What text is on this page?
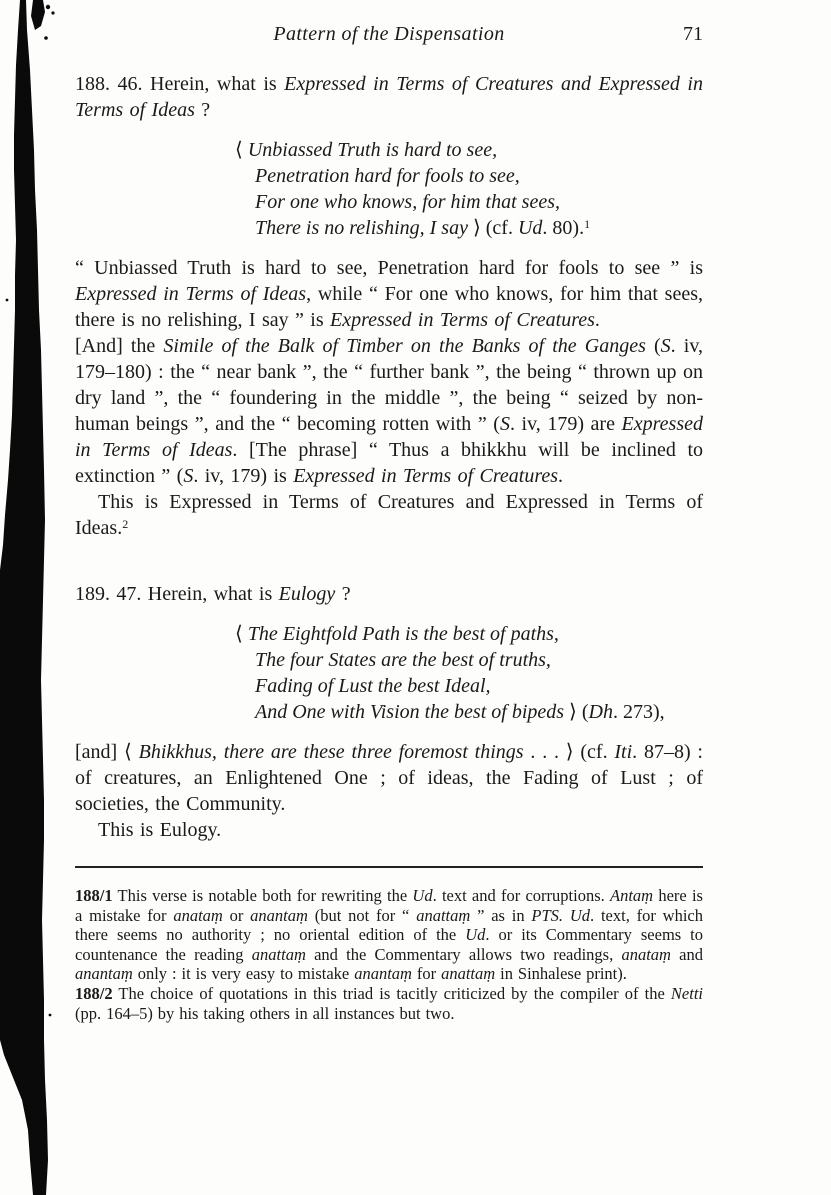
Pattern of the Dispensation	71

188. 46. Herein, what is Expressed in Terms of Creatures and Expressed in Terms of Ideas ?

⟨ Unbiassed Truth is hard to see,
Penetration hard for fools to see,
For one who knows, for him that sees,
There is no relishing, I say ⟩ (cf. Ud. 80).$^1$

“ Unbiassed Truth is hard to see, Penetration hard for fools to see ” is Expressed in Terms of Ideas, while “ For one who knows, for him that sees, there is no relishing, I say ” is Expressed in Terms of Creatures.

[And] the Simile of the Balk of Timber on the Banks of the Ganges (S. iv, 179–180) : the “ near bank ”, the “ further bank ”, the being “ thrown up on dry land ”, the “ foundering in the middle ”, the being “ seized by non-human beings ”, and the “ becoming rotten with ” (S. iv, 179) are Expressed in Terms of Ideas. [The phrase] “ Thus a bhikkhu will be inclined to extinction ” (S. iv, 179) is Expressed in Terms of Creatures.

This is Expressed in Terms of Creatures and Expressed in Terms of Ideas.$^2$

189. 47. Herein, what is Eulogy ?

⟨ The Eightfold Path is the best of paths,
The four States are the best of truths,
Fading of Lust the best Ideal,
And One with Vision the best of bipeds ⟩ (Dh. 273),

[and] ⟨ Bhikkhus, there are these three foremost things . . . ⟩ (cf. Iti. 87–8) : of creatures, an Enlightened One ; of ideas, the Fading of Lust ; of societies, the Community.

This is Eulogy.

188/1 This verse is notable both for rewriting the Ud. text and for corruptions. Antaṃ here is a mistake for anataṃ or anantaṃ (but not for “ anattaṃ ” as in PTS. Ud. text, for which there seems no authority ; no oriental edition of the Ud. or its Commentary seems to countenance the reading anattaṃ and the Commentary allows two readings, anataṃ and anantaṃ only : it is very easy to mistake anantaṃ for anattaṃ in Sinhalese print).

188/2 The choice of quotations in this triad is tacitly criticized by the compiler of the Netti (pp. 164–5) by his taking others in all instances but two.
